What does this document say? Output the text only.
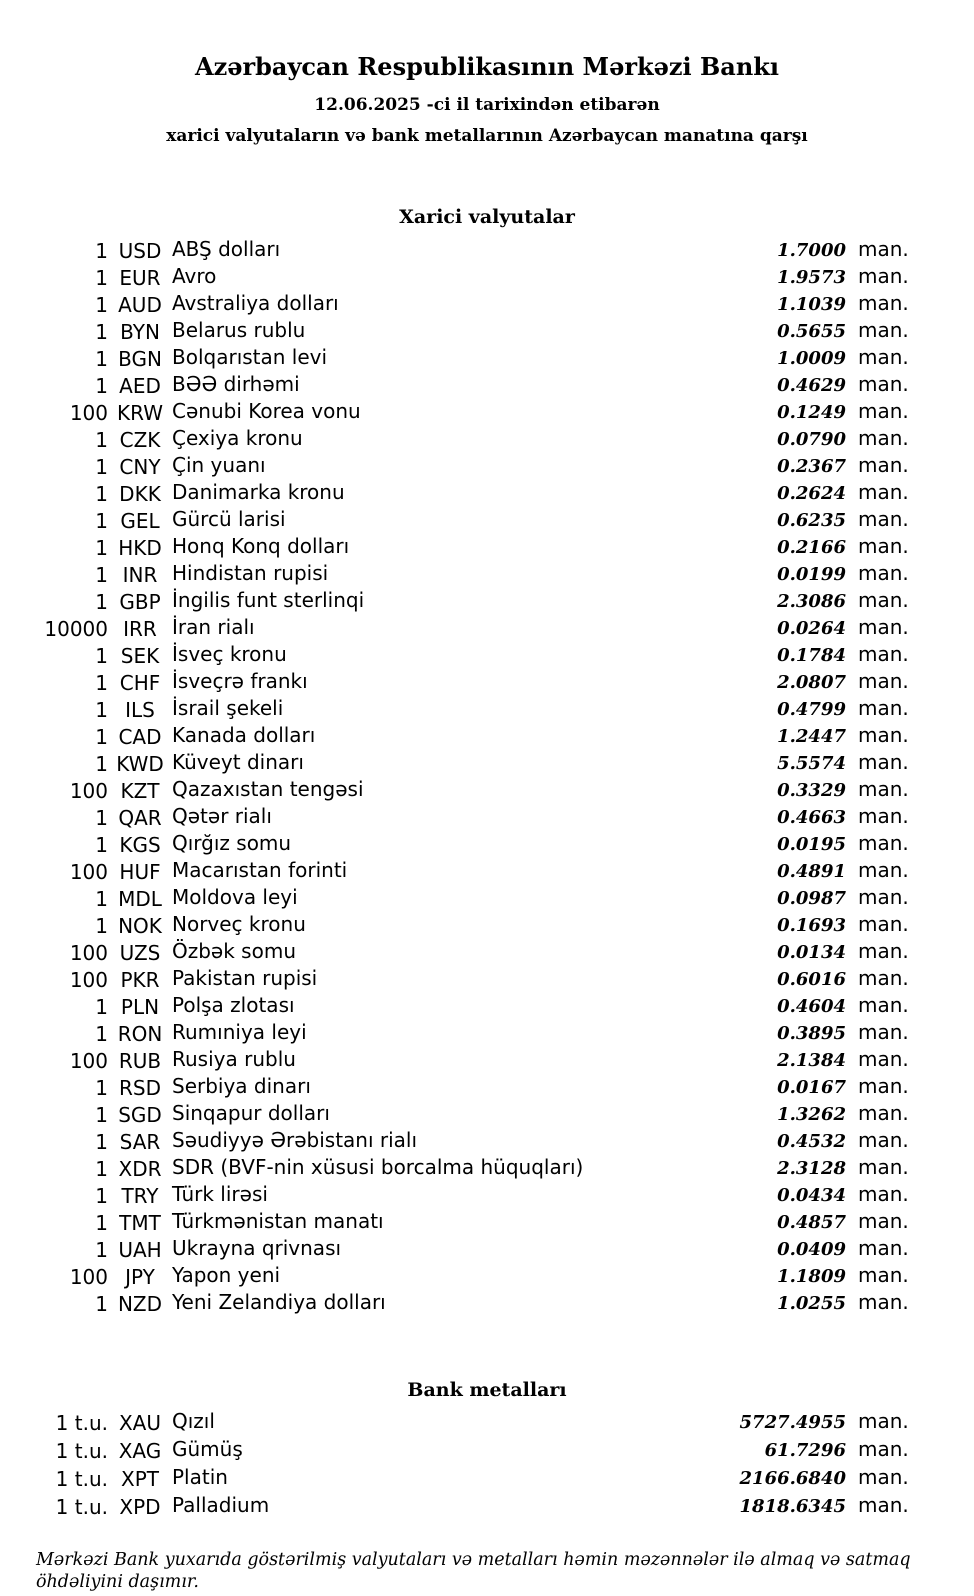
Azərbaycan Respublikasının Mərkəzi Bankı
12.06.2025 -ci il tarixindən etibarən
xarici valyutaların və bank metallarının Azərbaycan manatına qarşı
Xarici valyutalar
1 USD ABŞ dolları	1.7000 man.
1 EUR Avro	1.9573 man.
1 AUD Avstraliya dolları	1.1039 man.
1 BYN Belarus rublu	0.5655 man.
1 BGN Bolqarıstan levi	1.0009 man.
1 AED BƏƏ dirhəmi	0.4629 man.
100 KRW Cənubi Korea vonu	0.1249 man.
1 CZK Çexiya kronu	0.0790 man.
1 CNY Çin yuanı	0.2367 man.
1 DKK Danimarka kronu	0.2624 man.
1 GEL Gürcü larisi	0.6235 man.
1 HKD Honq Konq dolları	0.2166 man.
1 INR Hindistan rupisi	0.0199 man.
1 GBP İngilis funt sterlinqi	2.3086 man.
10000 IRR İran rialı	0.0264 man.
1 SEK İsveç kronu	0.1784 man.
1 CHF İsveçrə frankı	2.0807 man.
1 ILS İsrail şekeli	0.4799 man.
1 CAD Kanada dolları	1.2447 man.
1 KWD Küveyt dinarı	5.5574 man.
100 KZT Qazaxıstan tengəsi	0.3329 man.
1 QAR Qətər rialı	0.4663 man.
1 KGS Qırğız somu	0.0195 man.
100 HUF Macarıstan forinti	0.4891 man.
1 MDL Moldova leyi	0.0987 man.
1 NOK Norveç kronu	0.1693 man.
100 UZS Özbək somu	0.0134 man.
100 PKR Pakistan rupisi	0.6016 man.
1 PLN Polşa zlotası	0.4604 man.
1 RON Rumıniya leyi	0.3895 man.
100 RUB Rusiya rublu	2.1384 man.
1 RSD Serbiya dinarı	0.0167 man.
1 SGD Sinqapur dolları	1.3262 man.
1 SAR Səudiyyə Ərəbistanı rialı	0.4532 man.
1 XDR SDR (BVF-nin xüsusi borcalma hüquqları)	2.3128 man.
1 TRY Türk lirəsi	0.0434 man.
1 TMT Türkmənistan manatı	0.4857 man.
1 UAH Ukrayna qrivnası	0.0409 man.
100 JPY Yapon yeni	1.1809 man.
1 NZD Yeni Zelandiya dolları	1.0255 man.
Bank metalları
1 t.u. XAU Qızıl	5727.4955 man.
1 t.u. XAG Gümüş	61.7296 man.
1 t.u. XPT Platin	2166.6840 man.
1 t.u. XPD Palladium	1818.6345 man.
Mərkəzi Bank yuxarıda göstərilmiş valyutaları və metalları həmin məzənnələr ilə almaq və satmaq öhdəliyini daşımır.
